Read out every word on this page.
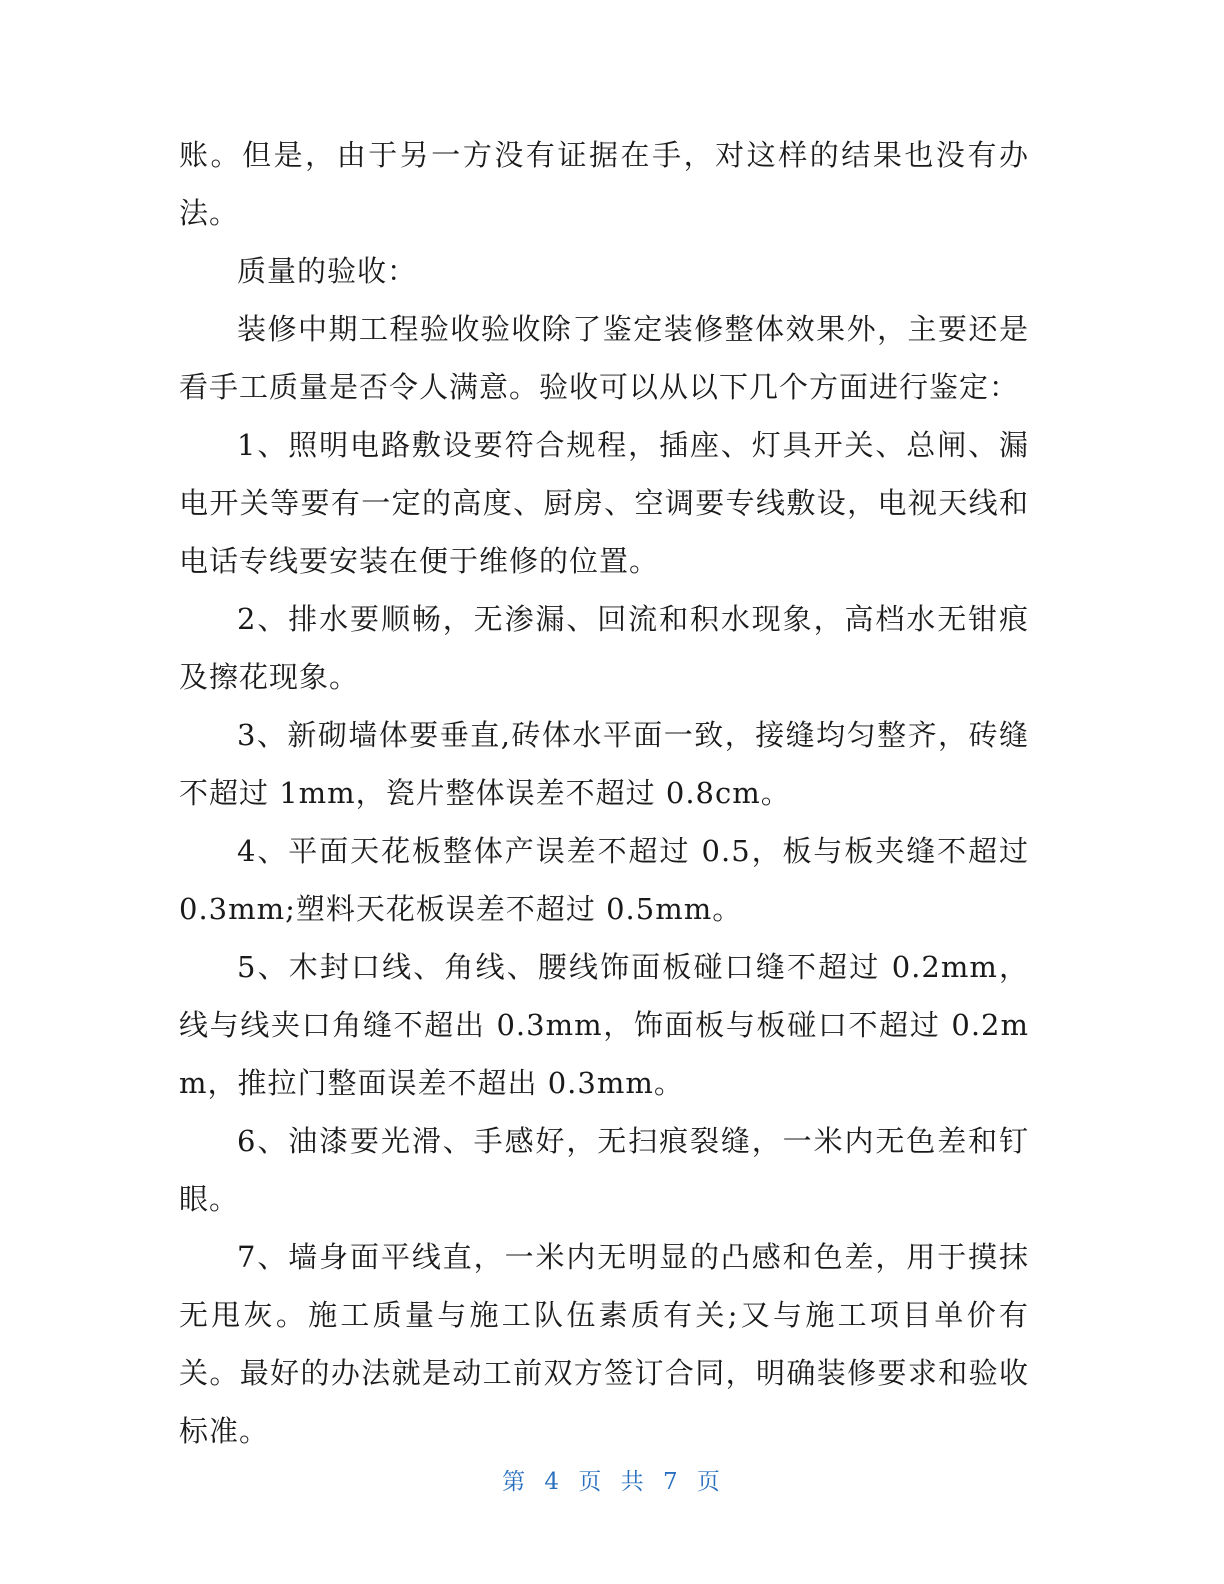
账。但是，由于另一方没有证据在手，对这样的结果也没有办法。

质量的验收：

装修中期工程验收验收除了鉴定装修整体效果外，主要还是看手工质量是否令人满意。验收可以从以下几个方面进行鉴定：

1、照明电路敷设要符合规程，插座、灯具开关、总闸、漏电开关等要有一定的高度、厨房、空调要专线敷设，电视天线和电话专线要安装在便于维修的位置。

2、排水要顺畅，无渗漏、回流和积水现象，高档水无钳痕及擦花现象。

3、新砌墙体要垂直,砖体水平面一致，接缝均匀整齐，砖缝不超过 1mm，瓷片整体误差不超过 0.8cm。

4、平面天花板整体产误差不超过 0.5，板与板夹缝不超过 0.3mm;塑料天花板误差不超过 0.5mm。

5、木封口线、角线、腰线饰面板碰口缝不超过 0.2mm，线与线夹口角缝不超出 0.3mm，饰面板与板碰口不超过 0.2mm，推拉门整面误差不超出 0.3mm。

6、油漆要光滑、手感好，无扫痕裂缝，一米内无色差和钉眼。

7、墙身面平线直，一米内无明显的凸感和色差，用于摸抹无甩灰。施工质量与施工队伍素质有关;又与施工项目单价有关。最好的办法就是动工前双方签订合同，明确装修要求和验收标准。

第 4 页 共 7 页
